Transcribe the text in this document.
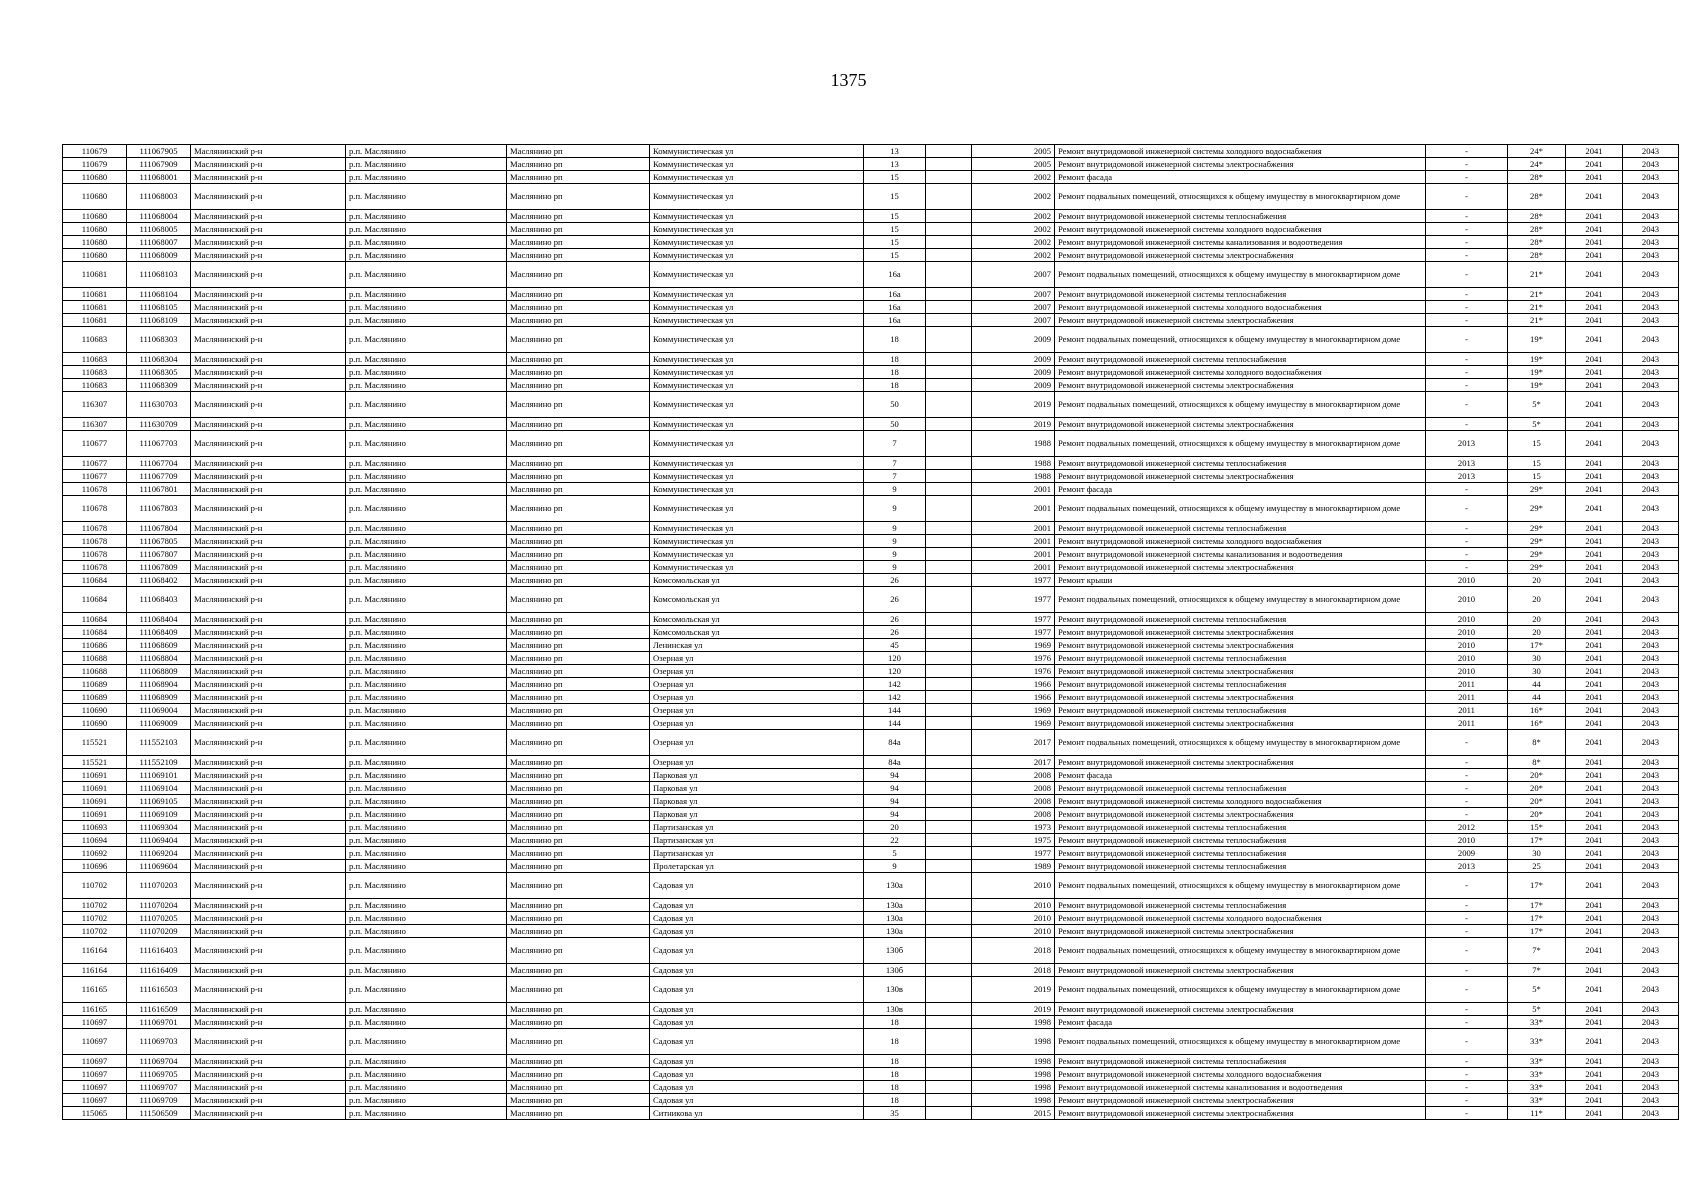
1375
110679	111067905	Маслянинский р-н	р.п. Маслянино	Маслянино рп	Коммунистическая ул	13		2005	Ремонт внутридомовой инженерной системы холодного водоснабжения	-	24*	2041	2043
110679	111067909	Маслянинский р-н	р.п. Маслянино	Маслянино рп	Коммунистическая ул	13		2005	Ремонт внутридомовой инженерной системы электроснабжения	-	24*	2041	2043
110680	111068001	Маслянинский р-н	р.п. Маслянино	Маслянино рп	Коммунистическая ул	15		2002	Ремонт фасада	-	28*	2041	2043
110680	111068003	Маслянинский р-н	р.п. Маслянино	Маслянино рп	Коммунистическая ул	15		2002	Ремонт подвальных помещений, относящихся к общему имуществу в многоквартирном доме	-	28*	2041	2043
110680	111068004	Маслянинский р-н	р.п. Маслянино	Маслянино рп	Коммунистическая ул	15		2002	Ремонт внутридомовой инженерной системы теплоснабжения	-	28*	2041	2043
110680	111068005	Маслянинский р-н	р.п. Маслянино	Маслянино рп	Коммунистическая ул	15		2002	Ремонт внутридомовой инженерной системы холодного водоснабжения	-	28*	2041	2043
110680	111068007	Маслянинский р-н	р.п. Маслянино	Маслянино рп	Коммунистическая ул	15		2002	Ремонт внутридомовой инженерной системы канализования и водоотведения	-	28*	2041	2043
110680	111068009	Маслянинский р-н	р.п. Маслянино	Маслянино рп	Коммунистическая ул	15		2002	Ремонт внутридомовой инженерной системы электроснабжения	-	28*	2041	2043
110681	111068103	Маслянинский р-н	р.п. Маслянино	Маслянино рп	Коммунистическая ул	16а		2007	Ремонт подвальных помещений, относящихся к общему имуществу в многоквартирном доме	-	21*	2041	2043
110681	111068104	Маслянинский р-н	р.п. Маслянино	Маслянино рп	Коммунистическая ул	16а		2007	Ремонт внутридомовой инженерной системы теплоснабжения	-	21*	2041	2043
110681	111068105	Маслянинский р-н	р.п. Маслянино	Маслянино рп	Коммунистическая ул	16а		2007	Ремонт внутридомовой инженерной системы холодного водоснабжения	-	21*	2041	2043
110681	111068109	Маслянинский р-н	р.п. Маслянино	Маслянино рп	Коммунистическая ул	16а		2007	Ремонт внутридомовой инженерной системы электроснабжения	-	21*	2041	2043
110683	111068303	Маслянинский р-н	р.п. Маслянино	Маслянино рп	Коммунистическая ул	18		2009	Ремонт подвальных помещений, относящихся к общему имуществу в многоквартирном доме	-	19*	2041	2043
110683	111068304	Маслянинский р-н	р.п. Маслянино	Маслянино рп	Коммунистическая ул	18		2009	Ремонт внутридомовой инженерной системы теплоснабжения	-	19*	2041	2043
110683	111068305	Маслянинский р-н	р.п. Маслянино	Маслянино рп	Коммунистическая ул	18		2009	Ремонт внутридомовой инженерной системы холодного водоснабжения	-	19*	2041	2043
110683	111068309	Маслянинский р-н	р.п. Маслянино	Маслянино рп	Коммунистическая ул	18		2009	Ремонт внутридомовой инженерной системы электроснабжения	-	19*	2041	2043
116307	111630703	Маслянинский р-н	р.п. Маслянино	Маслянино рп	Коммунистическая ул	50		2019	Ремонт подвальных помещений, относящихся к общему имуществу в многоквартирном доме	-	5*	2041	2043
116307	111630709	Маслянинский р-н	р.п. Маслянино	Маслянино рп	Коммунистическая ул	50		2019	Ремонт внутридомовой инженерной системы электроснабжения	-	5*	2041	2043
110677	111067703	Маслянинский р-н	р.п. Маслянино	Маслянино рп	Коммунистическая ул	7		1988	Ремонт подвальных помещений, относящихся к общему имуществу в многоквартирном доме	2013	15	2041	2043
110677	111067704	Маслянинский р-н	р.п. Маслянино	Маслянино рп	Коммунистическая ул	7		1988	Ремонт внутридомовой инженерной системы теплоснабжения	2013	15	2041	2043
110677	111067709	Маслянинский р-н	р.п. Маслянино	Маслянино рп	Коммунистическая ул	7		1988	Ремонт внутридомовой инженерной системы электроснабжения	2013	15	2041	2043
110678	111067801	Маслянинский р-н	р.п. Маслянино	Маслянино рп	Коммунистическая ул	9		2001	Ремонт фасада	-	29*	2041	2043
110678	111067803	Маслянинский р-н	р.п. Маслянино	Маслянино рп	Коммунистическая ул	9		2001	Ремонт подвальных помещений, относящихся к общему имуществу в многоквартирном доме	-	29*	2041	2043
110678	111067804	Маслянинский р-н	р.п. Маслянино	Маслянино рп	Коммунистическая ул	9		2001	Ремонт внутридомовой инженерной системы теплоснабжения	-	29*	2041	2043
110678	111067805	Маслянинский р-н	р.п. Маслянино	Маслянино рп	Коммунистическая ул	9		2001	Ремонт внутридомовой инженерной системы холодного водоснабжения	-	29*	2041	2043
110678	111067807	Маслянинский р-н	р.п. Маслянино	Маслянино рп	Коммунистическая ул	9		2001	Ремонт внутридомовой инженерной системы канализования и водоотведения	-	29*	2041	2043
110678	111067809	Маслянинский р-н	р.п. Маслянино	Маслянино рп	Коммунистическая ул	9		2001	Ремонт внутридомовой инженерной системы электроснабжения	-	29*	2041	2043
110684	111068402	Маслянинский р-н	р.п. Маслянино	Маслянино рп	Комсомольская ул	26		1977	Ремонт крыши	2010	20	2041	2043
110684	111068403	Маслянинский р-н	р.п. Маслянино	Маслянино рп	Комсомольская ул	26		1977	Ремонт подвальных помещений, относящихся к общему имуществу в многоквартирном доме	2010	20	2041	2043
110684	111068404	Маслянинский р-н	р.п. Маслянино	Маслянино рп	Комсомольская ул	26		1977	Ремонт внутридомовой инженерной системы теплоснабжения	2010	20	2041	2043
110684	111068409	Маслянинский р-н	р.п. Маслянино	Маслянино рп	Комсомольская ул	26		1977	Ремонт внутридомовой инженерной системы электроснабжения	2010	20	2041	2043
110686	111068609	Маслянинский р-н	р.п. Маслянино	Маслянино рп	Ленинская ул	45		1969	Ремонт внутридомовой инженерной системы электроснабжения	2010	17*	2041	2043
110688	111068804	Маслянинский р-н	р.п. Маслянино	Маслянино рп	Озерная ул	120		1976	Ремонт внутридомовой инженерной системы теплоснабжения	2010	30	2041	2043
110688	111068809	Маслянинский р-н	р.п. Маслянино	Маслянино рп	Озерная ул	120		1976	Ремонт внутридомовой инженерной системы электроснабжения	2010	30	2041	2043
110689	111068904	Маслянинский р-н	р.п. Маслянино	Маслянино рп	Озерная ул	142		1966	Ремонт внутридомовой инженерной системы теплоснабжения	2011	44	2041	2043
110689	111068909	Маслянинский р-н	р.п. Маслянино	Маслянино рп	Озерная ул	142		1966	Ремонт внутридомовой инженерной системы электроснабжения	2011	44	2041	2043
110690	111069004	Маслянинский р-н	р.п. Маслянино	Маслянино рп	Озерная ул	144		1969	Ремонт внутридомовой инженерной системы теплоснабжения	2011	16*	2041	2043
110690	111069009	Маслянинский р-н	р.п. Маслянино	Маслянино рп	Озерная ул	144		1969	Ремонт внутридомовой инженерной системы электроснабжения	2011	16*	2041	2043
115521	111552103	Маслянинский р-н	р.п. Маслянино	Маслянино рп	Озерная ул	84а		2017	Ремонт подвальных помещений, относящихся к общему имуществу в многоквартирном доме	-	8*	2041	2043
115521	111552109	Маслянинский р-н	р.п. Маслянино	Маслянино рп	Озерная ул	84а		2017	Ремонт внутридомовой инженерной системы электроснабжения	-	8*	2041	2043
110691	111069101	Маслянинский р-н	р.п. Маслянино	Маслянино рп	Парковая ул	94		2008	Ремонт фасада	-	20*	2041	2043
110691	111069104	Маслянинский р-н	р.п. Маслянино	Маслянино рп	Парковая ул	94		2008	Ремонт внутридомовой инженерной системы теплоснабжения	-	20*	2041	2043
110691	111069105	Маслянинский р-н	р.п. Маслянино	Маслянино рп	Парковая ул	94		2008	Ремонт внутридомовой инженерной системы холодного водоснабжения	-	20*	2041	2043
110691	111069109	Маслянинский р-н	р.п. Маслянино	Маслянино рп	Парковая ул	94		2008	Ремонт внутридомовой инженерной системы электроснабжения	-	20*	2041	2043
110693	111069304	Маслянинский р-н	р.п. Маслянино	Маслянино рп	Партизанская ул	20		1973	Ремонт внутридомовой инженерной системы теплоснабжения	2012	15*	2041	2043
110694	111069404	Маслянинский р-н	р.п. Маслянино	Маслянино рп	Партизанская ул	22		1975	Ремонт внутридомовой инженерной системы теплоснабжения	2010	17*	2041	2043
110692	111069204	Маслянинский р-н	р.п. Маслянино	Маслянино рп	Партизанская ул	5		1977	Ремонт внутридомовой инженерной системы теплоснабжения	2009	30	2041	2043
110696	111069604	Маслянинский р-н	р.п. Маслянино	Маслянино рп	Пролетарская ул	9		1989	Ремонт внутридомовой инженерной системы теплоснабжения	2013	25	2041	2043
110702	111070203	Маслянинский р-н	р.п. Маслянино	Маслянино рп	Садовая ул	130а		2010	Ремонт подвальных помещений, относящихся к общему имуществу в многоквартирном доме	-	17*	2041	2043
110702	111070204	Маслянинский р-н	р.п. Маслянино	Маслянино рп	Садовая ул	130а		2010	Ремонт внутридомовой инженерной системы теплоснабжения	-	17*	2041	2043
110702	111070205	Маслянинский р-н	р.п. Маслянино	Маслянино рп	Садовая ул	130а		2010	Ремонт внутридомовой инженерной системы холодного водоснабжения	-	17*	2041	2043
110702	111070209	Маслянинский р-н	р.п. Маслянино	Маслянино рп	Садовая ул	130а		2010	Ремонт внутридомовой инженерной системы электроснабжения	-	17*	2041	2043
116164	111616403	Маслянинский р-н	р.п. Маслянино	Маслянино рп	Садовая ул	130б		2018	Ремонт подвальных помещений, относящихся к общему имуществу в многоквартирном доме	-	7*	2041	2043
116164	111616409	Маслянинский р-н	р.п. Маслянино	Маслянино рп	Садовая ул	130б		2018	Ремонт внутридомовой инженерной системы электроснабжения	-	7*	2041	2043
116165	111616503	Маслянинский р-н	р.п. Маслянино	Маслянино рп	Садовая ул	130в		2019	Ремонт подвальных помещений, относящихся к общему имуществу в многоквартирном доме	-	5*	2041	2043
116165	111616509	Маслянинский р-н	р.п. Маслянино	Маслянино рп	Садовая ул	130в		2019	Ремонт внутридомовой инженерной системы электроснабжения	-	5*	2041	2043
110697	111069701	Маслянинский р-н	р.п. Маслянино	Маслянино рп	Садовая ул	18		1998	Ремонт фасада	-	33*	2041	2043
110697	111069703	Маслянинский р-н	р.п. Маслянино	Маслянино рп	Садовая ул	18		1998	Ремонт подвальных помещений, относящихся к общему имуществу в многоквартирном доме	-	33*	2041	2043
110697	111069704	Маслянинский р-н	р.п. Маслянино	Маслянино рп	Садовая ул	18		1998	Ремонт внутридомовой инженерной системы теплоснабжения	-	33*	2041	2043
110697	111069705	Маслянинский р-н	р.п. Маслянино	Маслянино рп	Садовая ул	18		1998	Ремонт внутридомовой инженерной системы холодного водоснабжения	-	33*	2041	2043
110697	111069707	Маслянинский р-н	р.п. Маслянино	Маслянино рп	Садовая ул	18		1998	Ремонт внутридомовой инженерной системы канализования и водоотведения	-	33*	2041	2043
110697	111069709	Маслянинский р-н	р.п. Маслянино	Маслянино рп	Садовая ул	18		1998	Ремонт внутридомовой инженерной системы электроснабжения	-	33*	2041	2043
115065	111506509	Маслянинский р-н	р.п. Маслянино	Маслянино рп	Ситникова ул	35		2015	Ремонт внутридомовой инженерной системы электроснабжения	-	11*	2041	2043
